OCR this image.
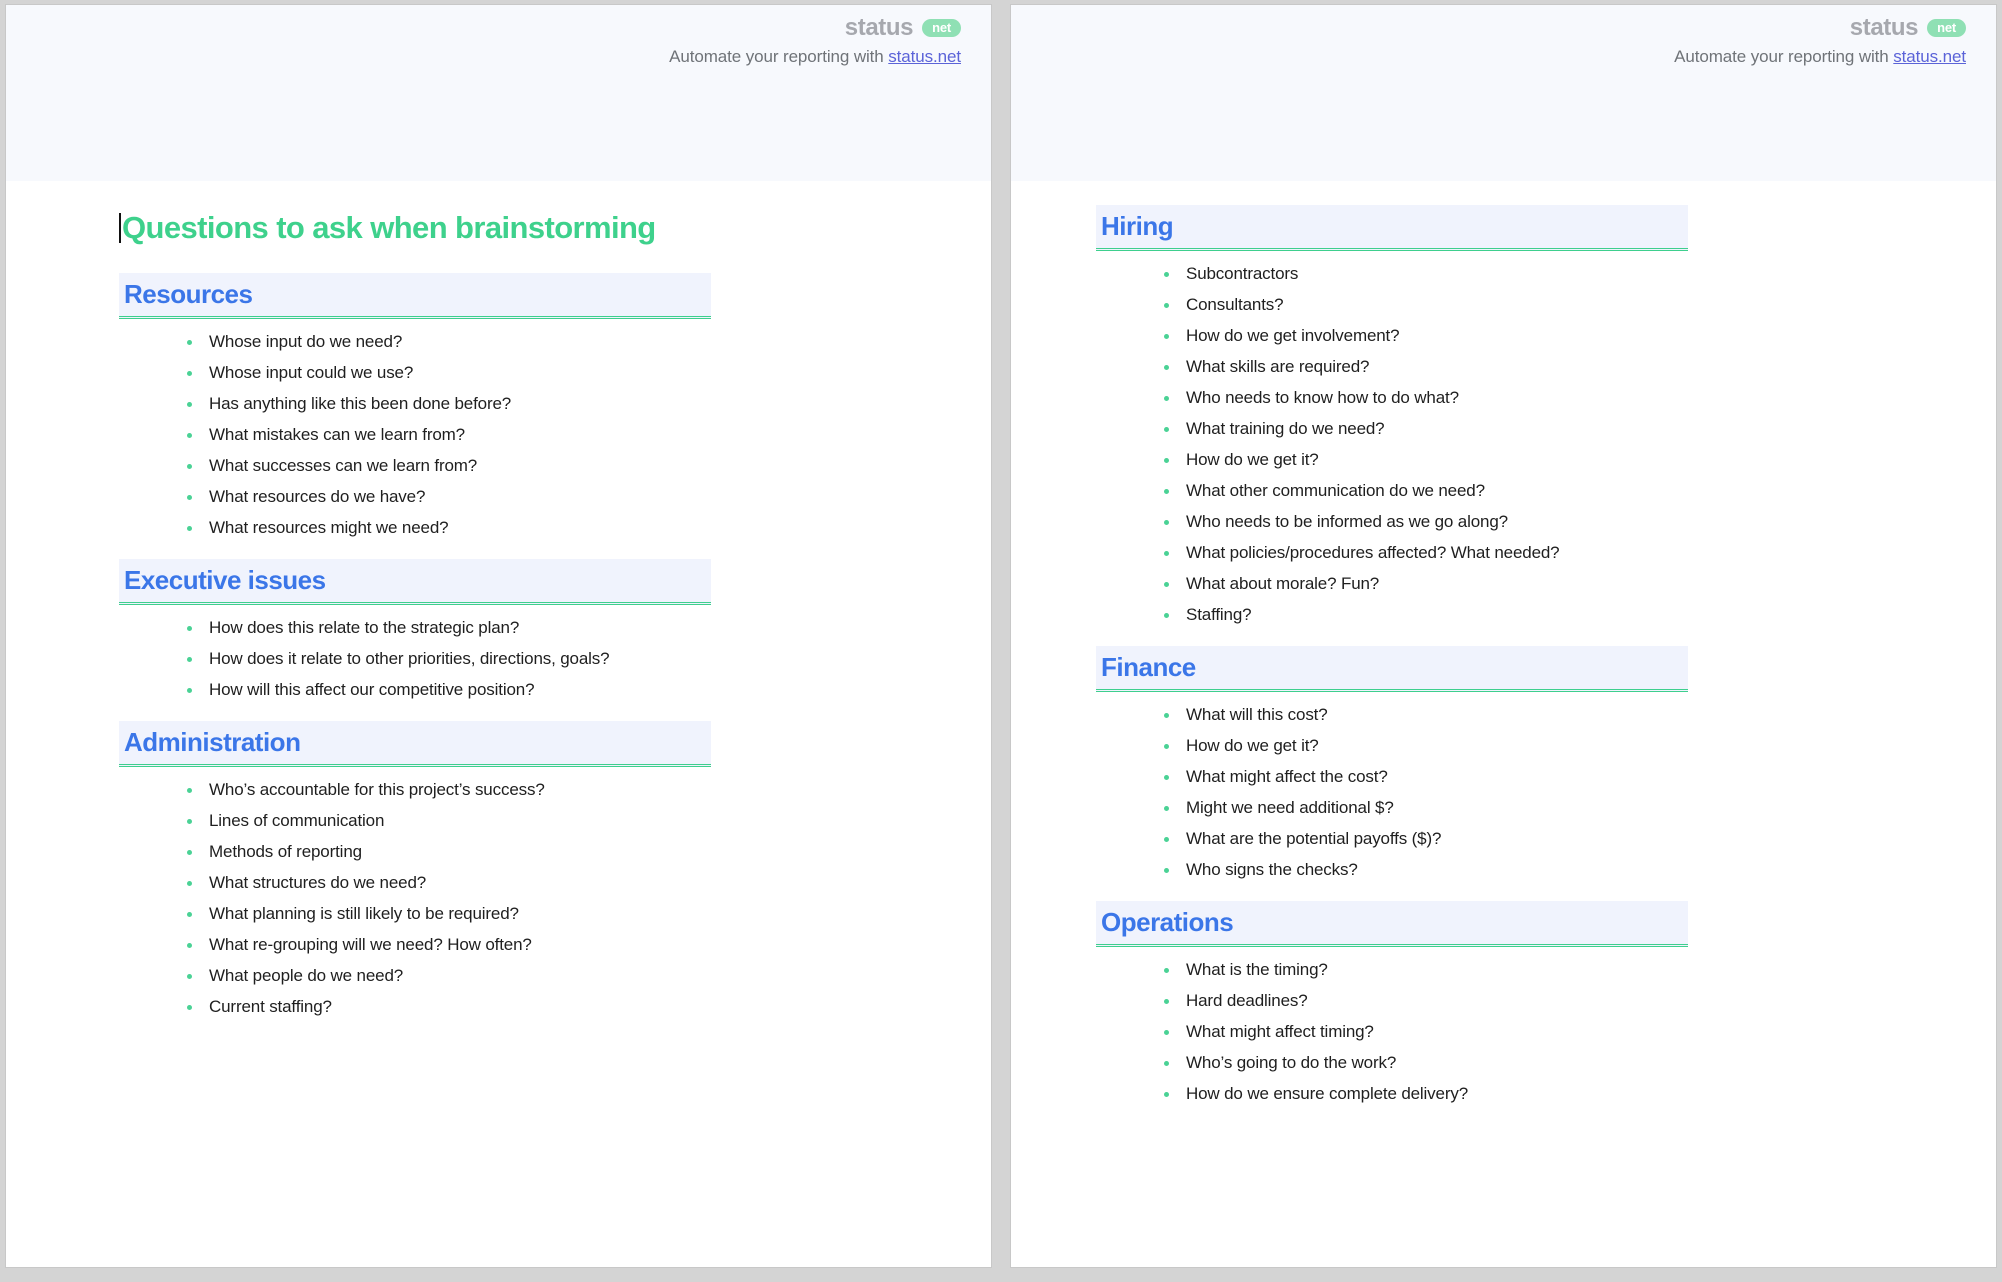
status	net
Automate your reporting with status.net
Questions to ask when brainstorming
Resources
Whose input do we need?
Whose input could we use?
Has anything like this been done before?
What mistakes can we learn from?
What successes can we learn from?
What resources do we have?
What resources might we need?
Executive issues
How does this relate to the strategic plan?
How does it relate to other priorities, directions, goals?
How will this affect our competitive position?
Administration
Who’s accountable for this project’s success?
Lines of communication
Methods of reporting
What structures do we need?
What planning is still likely to be required?
What re-grouping will we need? How often?
What people do we need?
Current staffing?
status	net
Automate your reporting with status.net
Hiring
Subcontractors
Consultants?
How do we get involvement?
What skills are required?
Who needs to know how to do what?
What training do we need?
How do we get it?
What other communication do we need?
Who needs to be informed as we go along?
What policies/procedures affected? What needed?
What about morale? Fun?
Staffing?
Finance
What will this cost?
How do we get it?
What might affect the cost?
Might we need additional $?
What are the potential payoffs ($)?
Who signs the checks?
Operations
What is the timing?
Hard deadlines?
What might affect timing?
Who’s going to do the work?
How do we ensure complete delivery?
